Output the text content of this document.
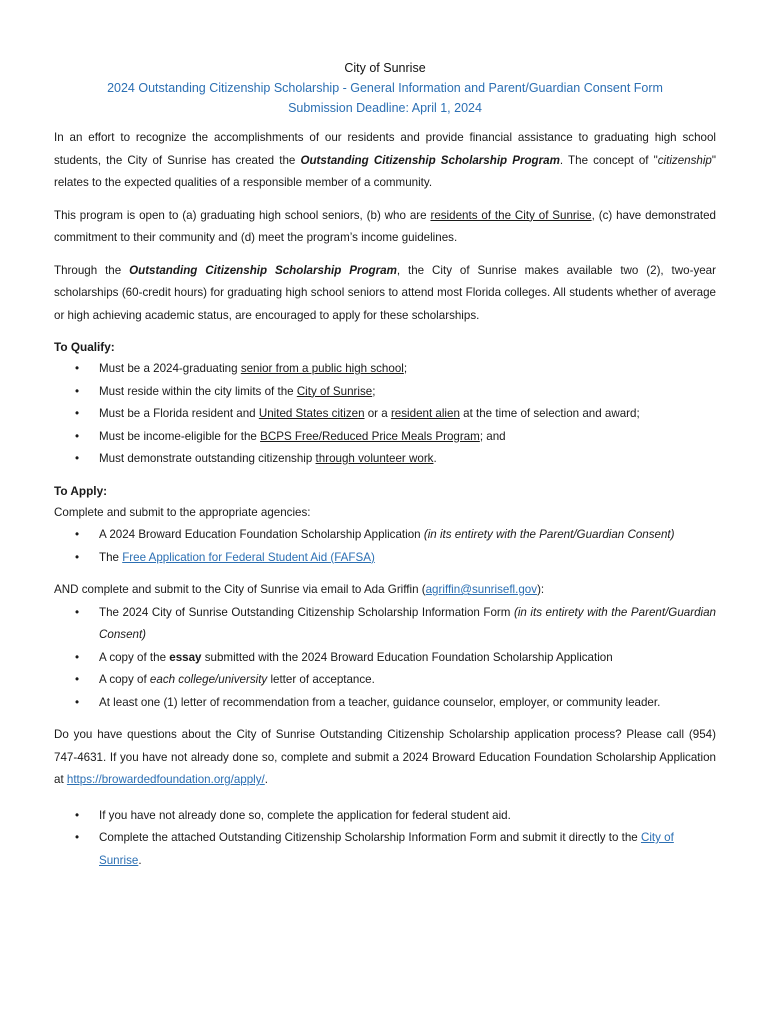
City of Sunrise
2024 Outstanding Citizenship Scholarship - General Information and Parent/Guardian Consent Form
Submission Deadline: April 1, 2024

In an effort to recognize the accomplishments of our residents and provide financial assistance to graduating high school students, the City of Sunrise has created the Outstanding Citizenship Scholarship Program. The concept of "citizenship" relates to the expected qualities of a responsible member of a community.

This program is open to (a) graduating high school seniors, (b) who are residents of the City of Sunrise, (c) have demonstrated commitment to their community and (d) meet the program’s income guidelines.

Through the Outstanding Citizenship Scholarship Program, the City of Sunrise makes available two (2), two-year scholarships (60-credit hours) for graduating high school seniors to attend most Florida colleges. All students whether of average or high achieving academic status, are encouraged to apply for these scholarships.

To Qualify:
• Must be a 2024-graduating senior from a public high school;
• Must reside within the city limits of the City of Sunrise;
• Must be a Florida resident and United States citizen or a resident alien at the time of selection and award;
• Must be income-eligible for the BCPS Free/Reduced Price Meals Program; and
• Must demonstrate outstanding citizenship through volunteer work.
To Apply:

Complete and submit to the appropriate agencies:

• A 2024 Broward Education Foundation Scholarship Application (in its entirety with the Parent/Guardian Consent)
• The Free Application for Federal Student Aid (FAFSA)

AND complete and submit to the City of Sunrise via email to Ada Griffin (agriffin@sunrisefl.gov):

• The 2024 City of Sunrise Outstanding Citizenship Scholarship Information Form (in its entirety with the Parent/Guardian Consent)
• A copy of the essay submitted with the 2024 Broward Education Foundation Scholarship Application
• A copy of each college/university letter of acceptance.
• At least one (1) letter of recommendation from a teacher, guidance counselor, employer, or community leader.

Do you have questions about the City of Sunrise Outstanding Citizenship Scholarship application process? Please call (954) 747-4631. If you have not already done so, complete and submit a 2024 Broward Education Foundation Scholarship Application at https://browardedfoundation.org/apply/.

• If you have not already done so, complete the application for federal student aid.
• Complete the attached Outstanding Citizenship Scholarship Information Form and submit it directly to the City of Sunrise.
